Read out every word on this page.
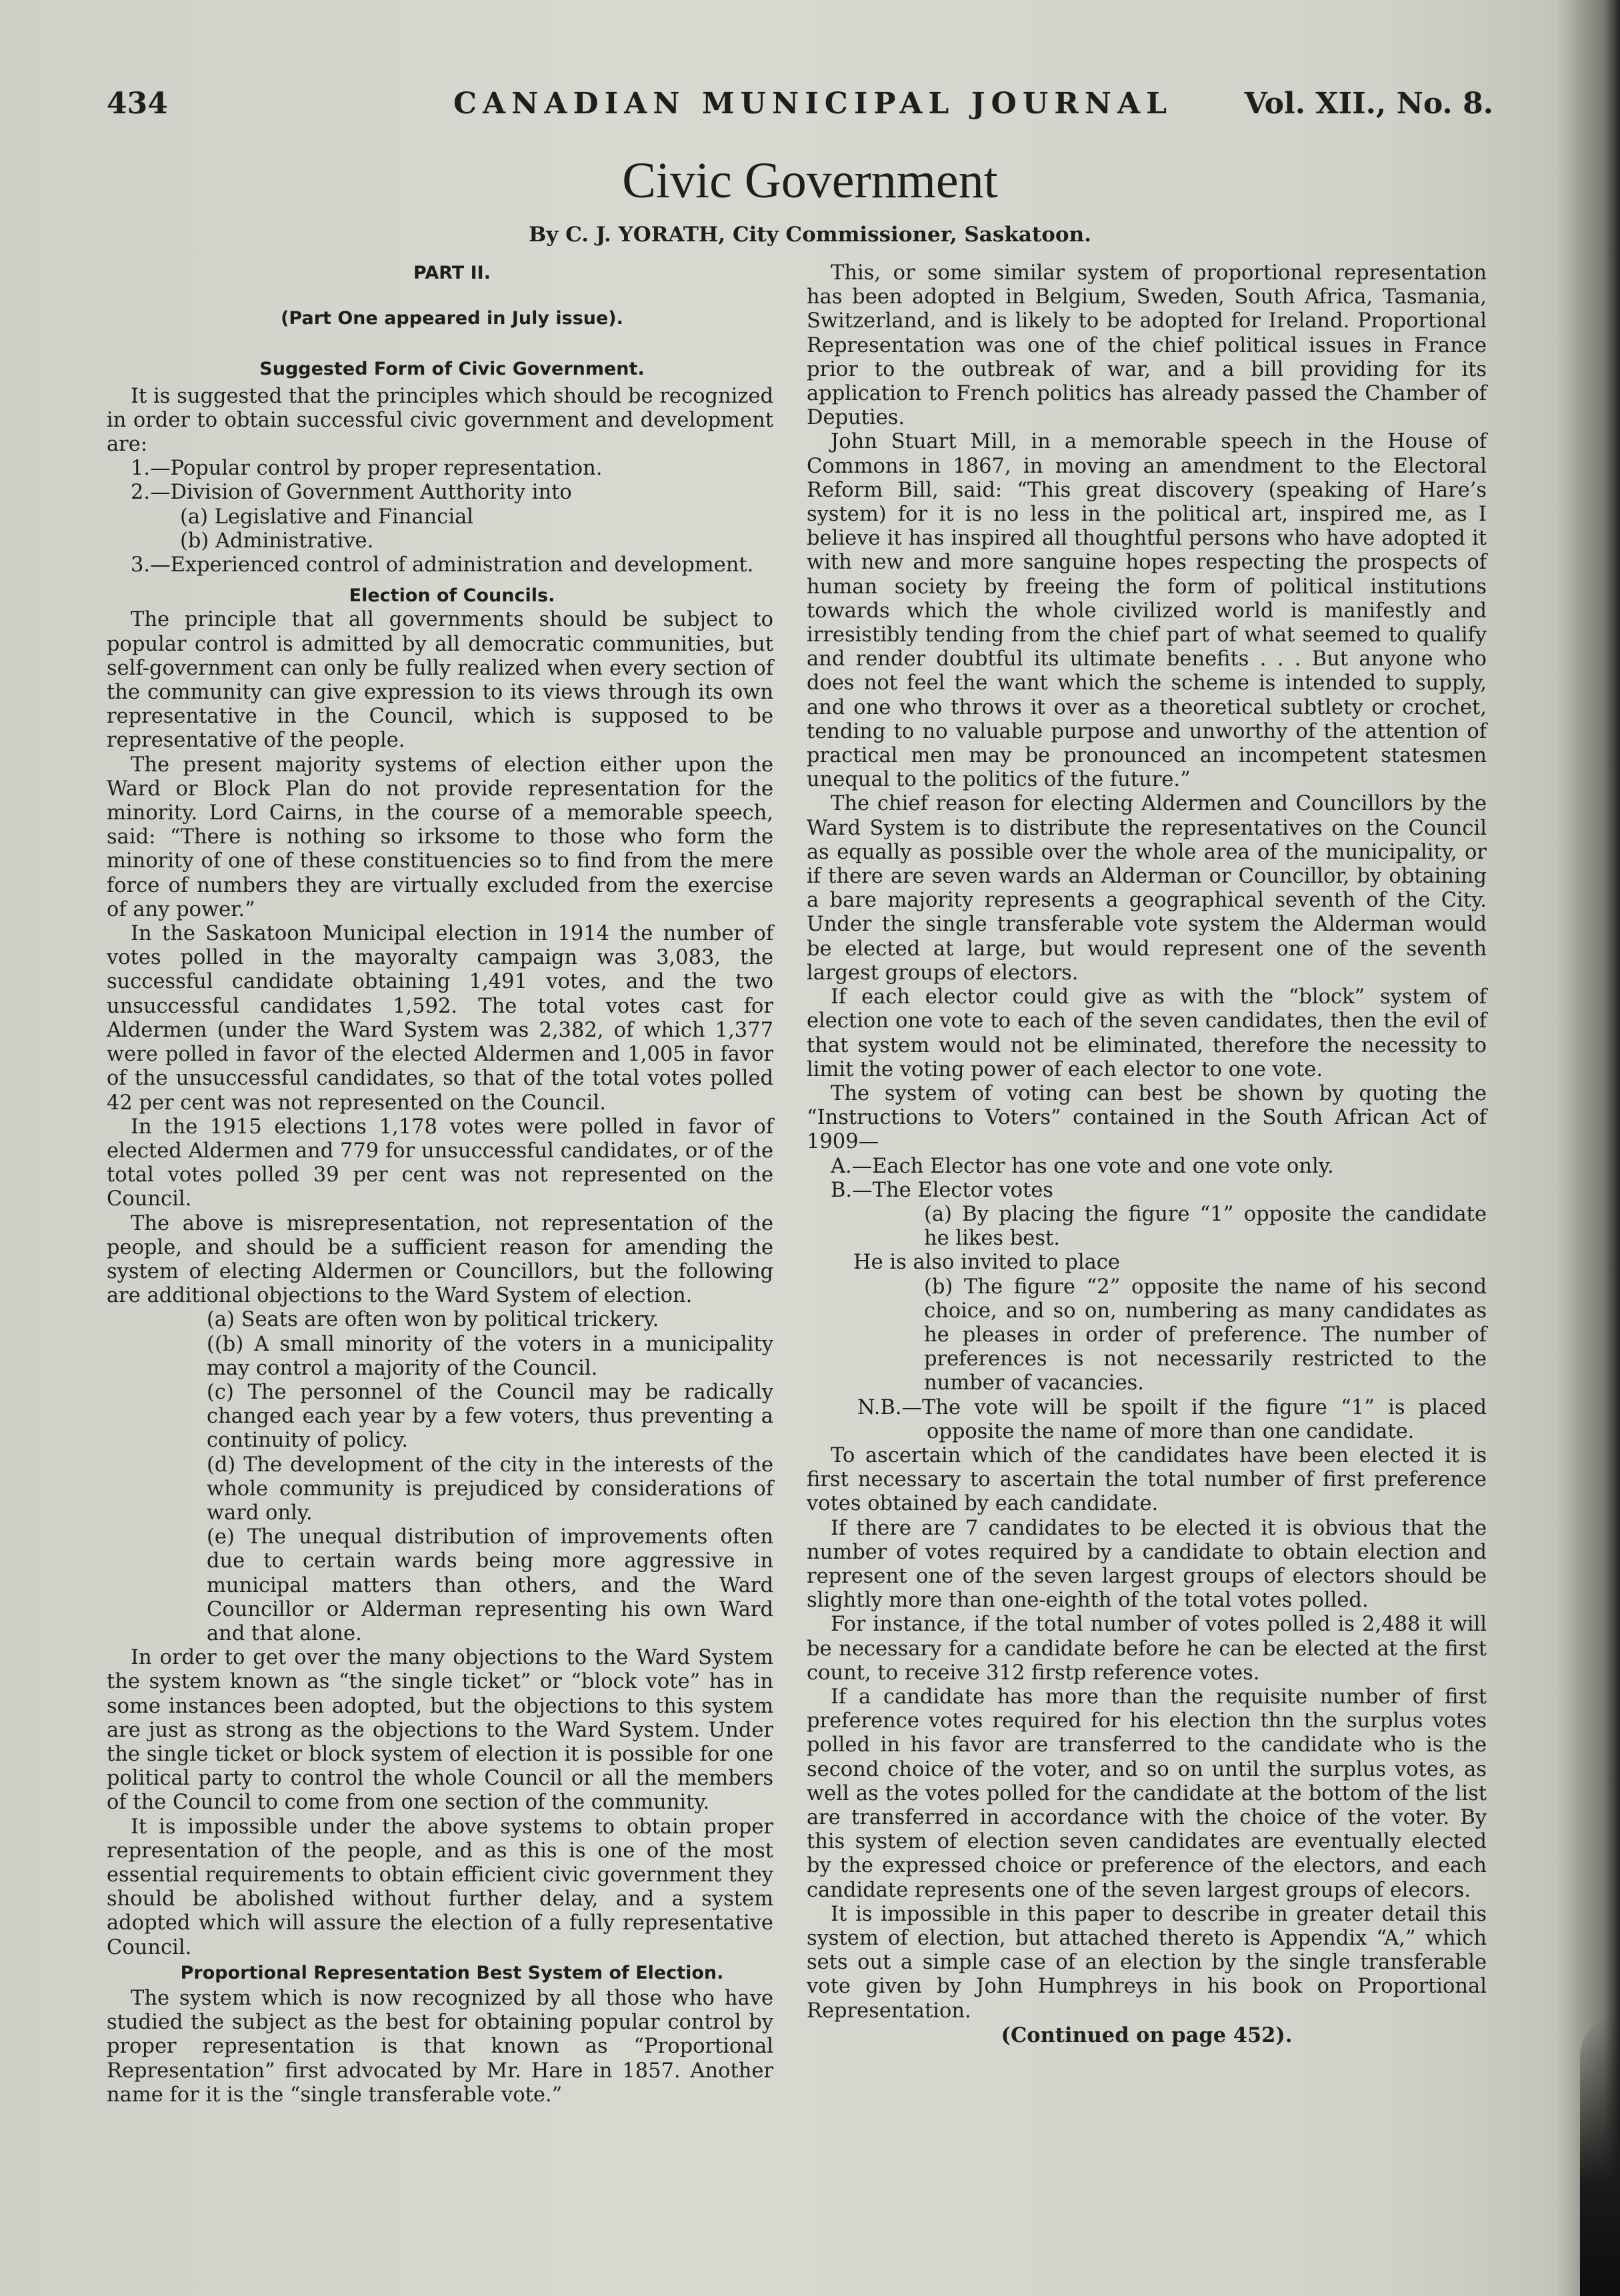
434	CANADIAN MUNICIPAL JOURNAL Vol. XII., No. 8.
Civic Government
By C. J. YORATH, City Commissioner, Saskatoon.

PART II.

(Part One appeared in July issue).

Suggested Form of Civic Government.

It is suggested that the principles which should be recognized in order to obtain successful civic government and development are:

1.—Popular control by proper representation.

2.—Division of Government Autthority into

(a) Legislative and Financial

(b) Administrative.

3.—Experienced control of administration and development.

Election of Councils.

The principle that all governments should be subject to popular control is admitted by all democratic communities, but self-government can only be fully realized when every section of the community can give expression to its views through its own representative in the Council, which is supposed to be representative of the people.

The present majority systems of election either upon the Ward or Block Plan do not provide representation for the minority. Lord Cairns, in the course of a memorable speech, said: “There is nothing so irksome to those who form the minority of one of these constituencies so to find from the mere force of numbers they are virtually excluded from the exercise of any power.”

In the Saskatoon Municipal election in 1914 the number of votes polled in the mayoralty campaign was 3,083, the successful candidate obtaining 1,491 votes, and the two unsuccessful candidates 1,592. The total votes cast for Aldermen (under the Ward System was 2,382, of which 1,377 were polled in favor of the elected Aldermen and 1,005 in favor of the unsuccessful candidates, so that of the total votes polled 42 per cent was not represented on the Council.

In the 1915 elections 1,178 votes were polled in favor of elected Aldermen and 779 for unsuccessful candidates, or of the total votes polled 39 per cent was not represented on the Council.

The above is misrepresentation, not representation of the people, and should be a sufficient reason for amending the system of electing Aldermen or Councillors, but the following are additional objections to the Ward System of election.

(a) Seats are often won by political trickery.

((b) A small minority of the voters in a municipality may control a majority of the Council.

(c) The personnel of the Council may be radically changed each year by a few voters, thus preventing a continuity of policy.

(d) The development of the city in the interests of the whole community is prejudiced by considerations of ward only.

(e) The unequal distribution of improvements often due to certain wards being more aggressive in municipal matters than others, and the Ward Councillor or Alderman representing his own Ward and that alone.

In order to get over the many objections to the Ward System the system known as “the single ticket” or “block vote” has in some instances been adopted, but the objections to this system are just as strong as the objections to the Ward System. Under the single ticket or block system of election it is possible for one political party to control the whole Council or all the members of the Council to come from one section of the community.

It is impossible under the above systems to obtain proper representation of the people, and as this is one of the most essential requirements to obtain efficient civic government they should be abolished without further delay, and a system adopted which will assure the election of a fully representative Council.

Proportional Representation Best System of Election.

The system which is now recognized by all those who have studied the subject as the best for obtaining popular control by proper representation is that known as “Proportional Representation” first advocated by Mr. Hare in 1857. Another name for it is the “single transferable vote.”

This, or some similar system of proportional representation has been adopted in Belgium, Sweden, South Africa, Tasmania, Switzerland, and is likely to be adopted for Ireland. Proportional Representation was one of the chief political issues in France prior to the outbreak of war, and a bill providing for its application to French politics has already passed the Chamber of Deputies.

John Stuart Mill, in a memorable speech in the House of Commons in 1867, in moving an amendment to the Electoral Reform Bill, said: “This great discovery (speaking of Hare’s system) for it is no less in the political art, inspired me, as I believe it has inspired all thoughtful persons who have adopted it with new and more sanguine hopes respecting the prospects of human society by freeing the form of political institutions towards which the whole civilized world is manifestly and irresistibly tending from the chief part of what seemed to qualify and render doubtful its ultimate benefits . . . But anyone who does not feel the want which the scheme is intended to supply, and one who throws it over as a theoretical subtlety or crochet, tending to no valuable purpose and unworthy of the attention of practical men may be pronounced an incompetent statesmen unequal to the politics of the future.”

The chief reason for electing Aldermen and Councillors by the Ward System is to distribute the representatives on the Council as equally as possible over the whole area of the municipality, or if there are seven wards an Alderman or Councillor, by obtaining a bare majority represents a geographical seventh of the City. Under the single transferable vote system the Alderman would be elected at large, but would represent one of the seventh largest groups of electors.

If each elector could give as with the “block” system of election one vote to each of the seven candidates, then the evil of that system would not be eliminated, therefore the necessity to limit the voting power of each elector to one vote.

The system of voting can best be shown by quoting the “Instructions to Voters” contained in the South African Act of 1909—

A.—Each Elector has one vote and one vote only.

B.—The Elector votes

(a) By placing the figure “1” opposite the candidate he likes best.

He is also invited to place

(b) The figure “2” opposite the name of his second choice, and so on, numbering as many candidates as he pleases in order of preference. The number of preferences is not necessarily restricted to the number of vacancies.

N.B.—The vote will be spoilt if the figure “1” is placed opposite the name of more than one candidate.

To ascertain which of the candidates have been elected it is first necessary to ascertain the total number of first preference votes obtained by each candidate.

If there are 7 candidates to be elected it is obvious that the number of votes required by a candidate to obtain election and represent one of the seven largest groups of electors should be slightly more than one-eighth of the total votes polled.

For instance, if the total number of votes polled is 2,488 it will be necessary for a candidate before he can be elected at the first count, to receive 312 firstp reference votes.

If a candidate has more than the requisite number of first preference votes required for his election thn the surplus votes polled in his favor are transferred to the candidate who is the second choice of the voter, and so on until the surplus votes, as well as the votes polled for the candidate at the bottom of the list are transferred in accordance with the choice of the voter. By this system of election seven candidates are eventually elected by the expressed choice or preference of the electors, and each candidate represents one of the seven largest groups of elecors.

It is impossible in this paper to describe in greater detail this system of election, but attached thereto is Appendix “A,” which sets out a simple case of an election by the single transferable vote given by John Humphreys in his book on Proportional Representation.

(Continued on page 452).
